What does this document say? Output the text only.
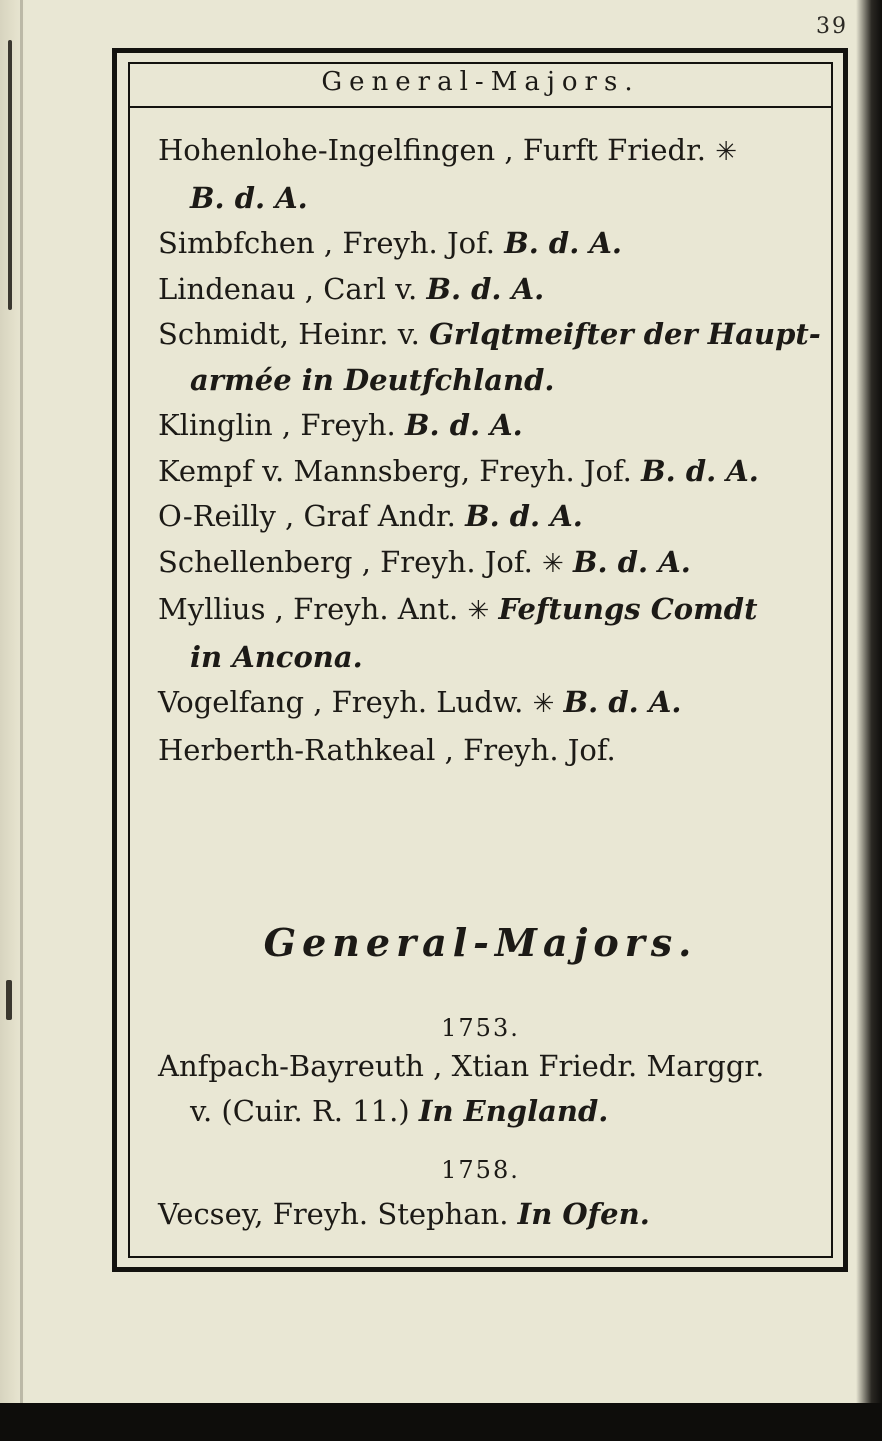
39
General-Majors.
Hohenlohe-Ingelfingen , Furft Friedr. ✳
B. d. A.
Simbfchen , Freyh. Jof. B. d. A.
Lindenau , Carl v. B. d. A.
Schmidt, Heinr. v. Grlqtmeifter der Haupt-
armée in Deutfchland.
Klinglin , Freyh. B. d. A.
Kempf v. Mannsberg, Freyh. Jof. B. d. A.
O-Reilly , Graf Andr. B. d. A.
Schellenberg , Freyh. Jof. ✳ B. d. A.
Myllius , Freyh. Ant. ✳ Feftungs Comdt
in Ancona.
Vogelfang , Freyh. Ludw. ✳ B. d. A.
Herberth-Rathkeal , Freyh. Jof.
General-Majors.
1753.
Anfpach-Bayreuth , Xtian Friedr. Marggr.
v. (Cuir. R. 11.) In England.
1758.
Vecsey, Freyh. Stephan. In Ofen.
